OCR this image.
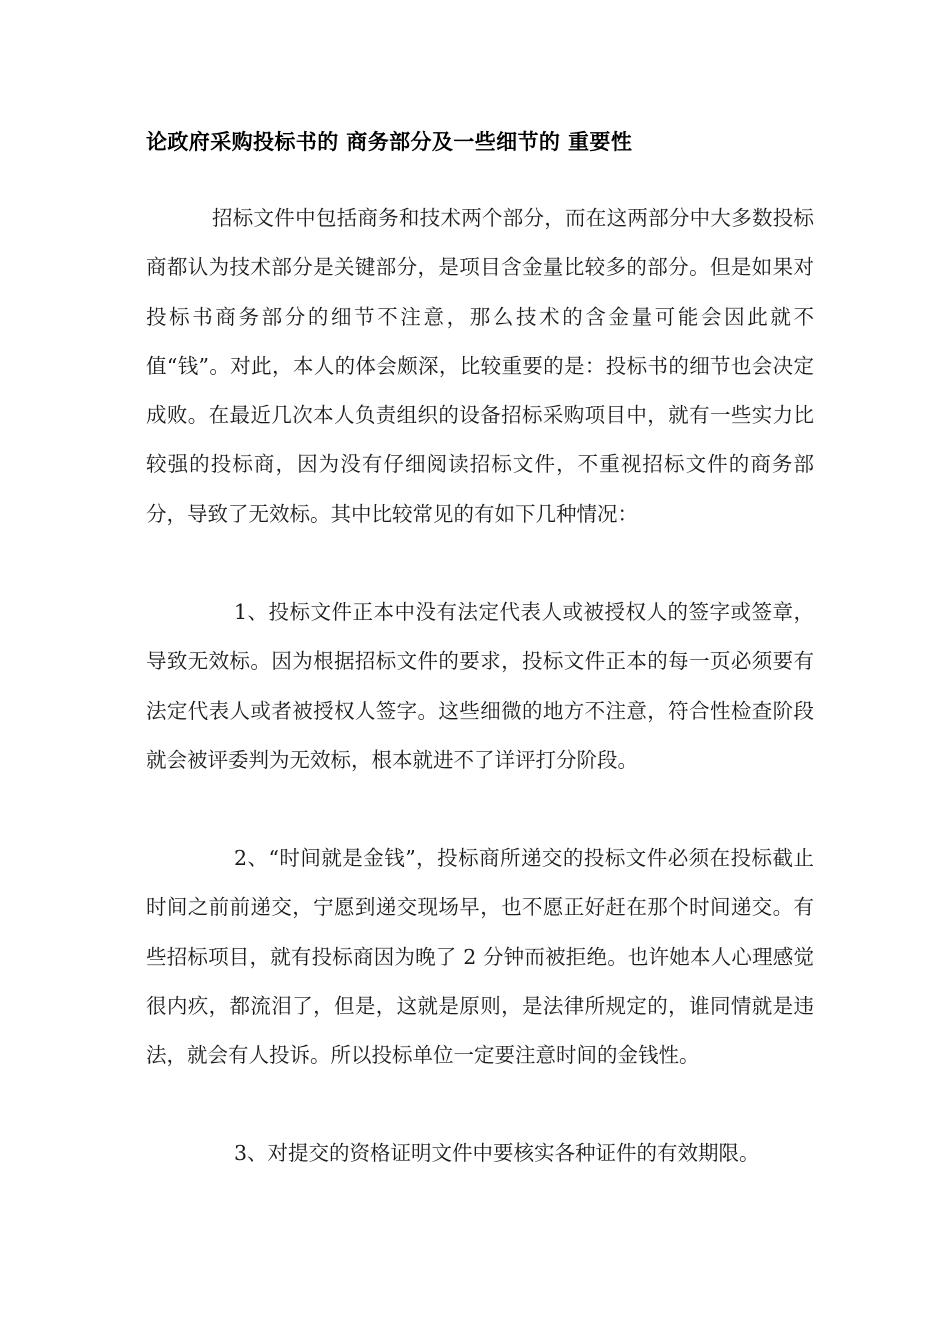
论政府采购投标书的 商务部分及一些细节的 重要性

招标文件中包括商务和技术两个部分，而在这两部分中大多数投标商都认为技术部分是关键部分，是项目含金量比较多的部分。但是如果对投标书商务部分的细节不注意，那么技术的含金量可能会因此就不值“钱”。对此，本人的体会颇深，比较重要的是：投标书的细节也会决定成败。在最近几次本人负责组织的设备招标采购项目中，就有一些实力比较强的投标商，因为没有仔细阅读招标文件，不重视招标文件的商务部分，导致了无效标。其中比较常见的有如下几种情况：

1、投标文件正本中没有法定代表人或被授权人的签字或签章，导致无效标。因为根据招标文件的要求，投标文件正本的每一页必须要有法定代表人或者被授权人签字。这些细微的地方不注意，符合性检查阶段就会被评委判为无效标，根本就进不了详评打分阶段。

2、“时间就是金钱”，投标商所递交的投标文件必须在投标截止时间之前前递交，宁愿到递交现场早，也不愿正好赶在那个时间递交。有些招标项目，就有投标商因为晚了 2 分钟而被拒绝。也许她本人心理感觉很内疚，都流泪了，但是，这就是原则，是法律所规定的，谁同情就是违法，就会有人投诉。所以投标单位一定要注意时间的金钱性。

3、对提交的资格证明文件中要核实各种证件的有效期限。
